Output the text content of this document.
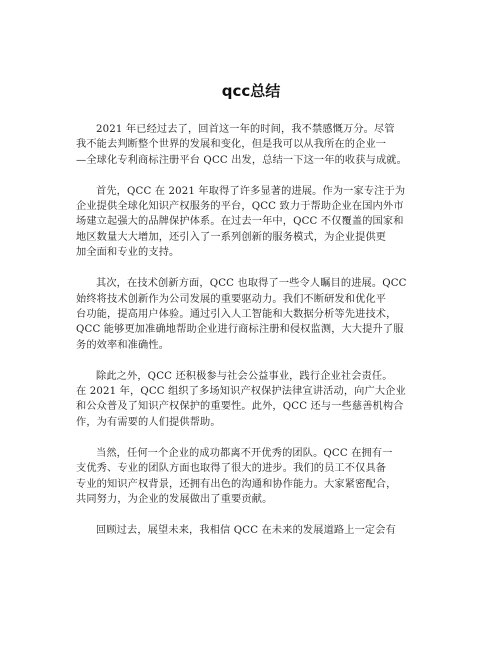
qcc总结
2021 年已经过去了，回首这一年的时间，我不禁感慨万分。尽管
我不能去判断整个世界的发展和变化，但是我可以从我所在的企业一
—全球化专利商标注册平台 QCC 出发，总结一下这一年的收获与成就。
首先，QCC 在 2021 年取得了许多显著的进展。作为一家专注于为
企业提供全球化知识产权服务的平台，QCC 致力于帮助企业在国内外市
场建立起强大的品牌保护体系。在过去一年中，QCC 不仅覆盖的国家和
地区数量大大增加，还引入了一系列创新的服务模式，为企业提供更
加全面和专业的支持。
其次，在技术创新方面，QCC 也取得了一些令人瞩目的进展。QCC
始终将技术创新作为公司发展的重要驱动力。我们不断研发和优化平
台功能，提高用户体验。通过引入人工智能和大数据分析等先进技术，
QCC 能够更加准确地帮助企业进行商标注册和侵权监测，大大提升了服
务的效率和准确性。
除此之外，QCC 还积极参与社会公益事业，践行企业社会责任。
在 2021 年，QCC 组织了多场知识产权保护法律宣讲活动，向广大企业
和公众普及了知识产权保护的重要性。此外，QCC 还与一些慈善机构合
作，为有需要的人们提供帮助。
当然，任何一个企业的成功都离不开优秀的团队。QCC 在拥有一
支优秀、专业的团队方面也取得了很大的进步。我们的员工不仅具备
专业的知识产权背景，还拥有出色的沟通和协作能力。大家紧密配合，
共同努力，为企业的发展做出了重要贡献。
回顾过去，展望未来，我相信 QCC 在未来的发展道路上一定会有
